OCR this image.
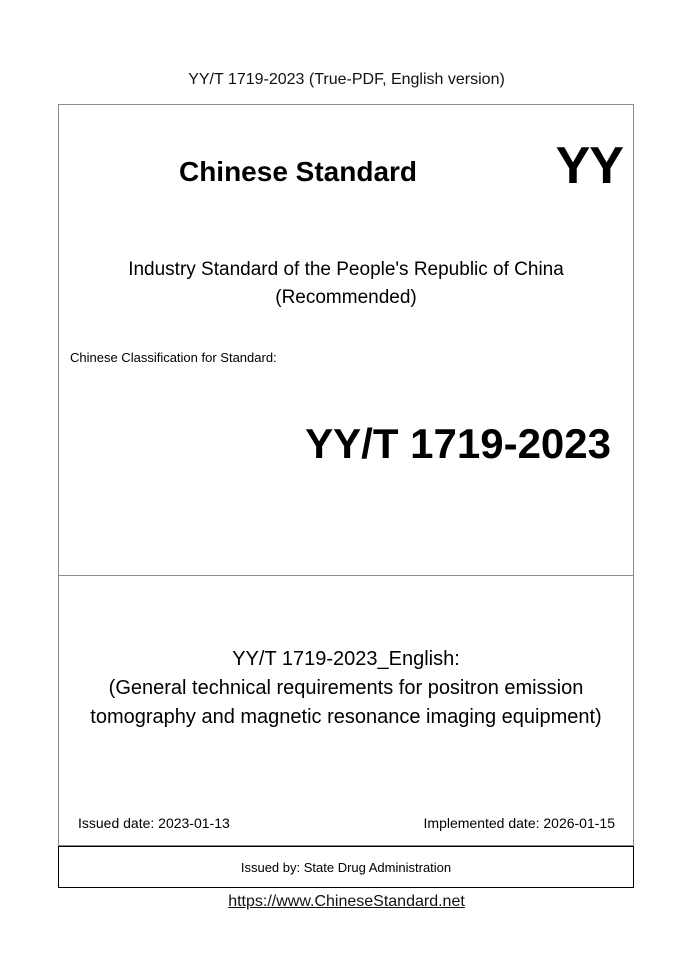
YY/T 1719-2023 (True-PDF, English version)
Chinese Standard	YY
Industry Standard of the People's Republic of China
(Recommended)
Chinese Classification for Standard:
YY/T 1719-2023
YY/T 1719-2023_English:
(General technical requirements for positron emission
tomography and magnetic resonance imaging equipment)
Issued date: 2023-01-13	Implemented date: 2026-01-15
Issued by: State Drug Administration
https://www.ChineseStandard.net
